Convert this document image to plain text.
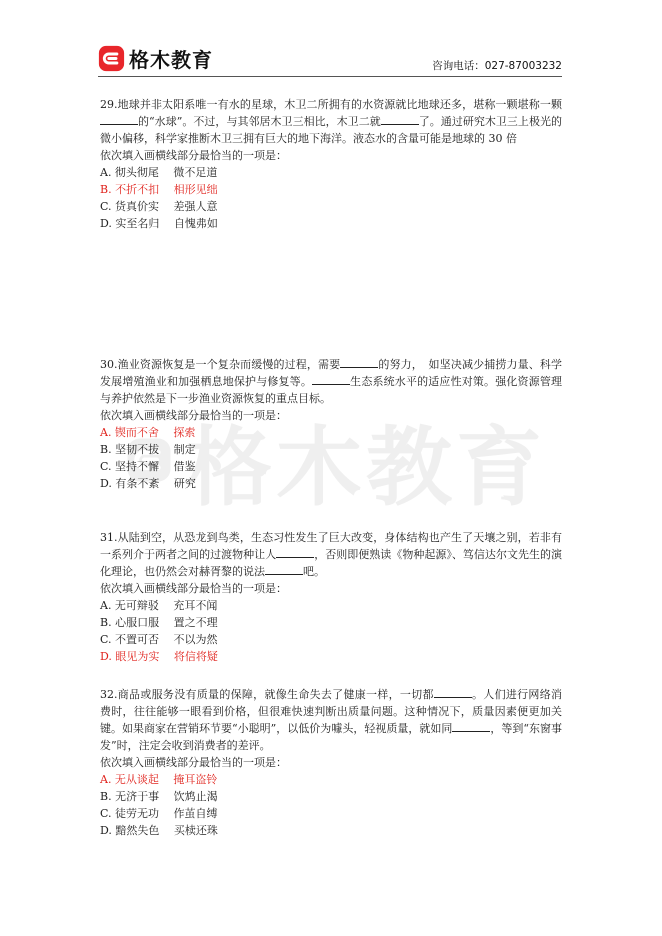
格木教育	咨询电话：027-87003232
格木教育

29.地球并非太阳系唯一有水的星球，木卫二所拥有的水资源就比地球还多，堪称一颗堪称一颗的“水球”。不过，与其邻居木卫三相比，木卫二就	了。通过研究木卫三上极光的微小偏移，科学家推断木卫三拥有巨大的地下海洋。液态水的含量可能是地球的 30 倍

依次填入画横线部分最恰当的一项是：

A. 彻头彻尾　 微不足道

B. 不折不扣　 相形见绌

C. 货真价实　 差强人意

D. 实至名归　 自愧弗如

30.渔业资源恢复是一个复杂而缓慢的过程，需要	的努力，　如坚决减少捕捞力量、科学发展增殖渔业和加强栖息地保护与修复等。	生态系统水平的适应性对策。强化资源管理与养护依然是下一步渔业资源恢复的重点目标。

依次填入画横线部分最恰当的一项是：

A. 锲而不舍　 探索

B. 坚韧不拔　 制定

C. 坚持不懈　 借鉴

D. 有条不紊　 研究

31.从陆到空，从恐龙到鸟类，生态习性发生了巨大改变，身体结构也产生了天壤之别，若非有一系列介于两者之间的过渡物种让人	，否则即便熟读《物种起源》、笃信达尔文先生的演化理论，也仍然会对赫胥黎的说法	吧。

依次填入画横线部分最恰当的一项是：

A. 无可辩驳　 充耳不闻

B. 心服口服　 置之不理

C. 不置可否　 不以为然

D. 眼见为实　 将信将疑

32.商品或服务没有质量的保障，就像生命失去了健康一样，一切都	。人们进行网络消费时，往往能够一眼看到价格，但很难快速判断出质量问题。这种情况下，质量因素便更加关键。如果商家在营销环节要“小聪明”，以低价为噱头，轻视质量，就如同	，等到“东窗事发”时，注定会收到消费者的差评。

依次填入画横线部分最恰当的一项是：

A. 无从谈起　 掩耳盗铃

B. 无济于事　 饮鸩止渴

C. 徒劳无功　 作茧自缚

D. 黯然失色　 买椟还珠
